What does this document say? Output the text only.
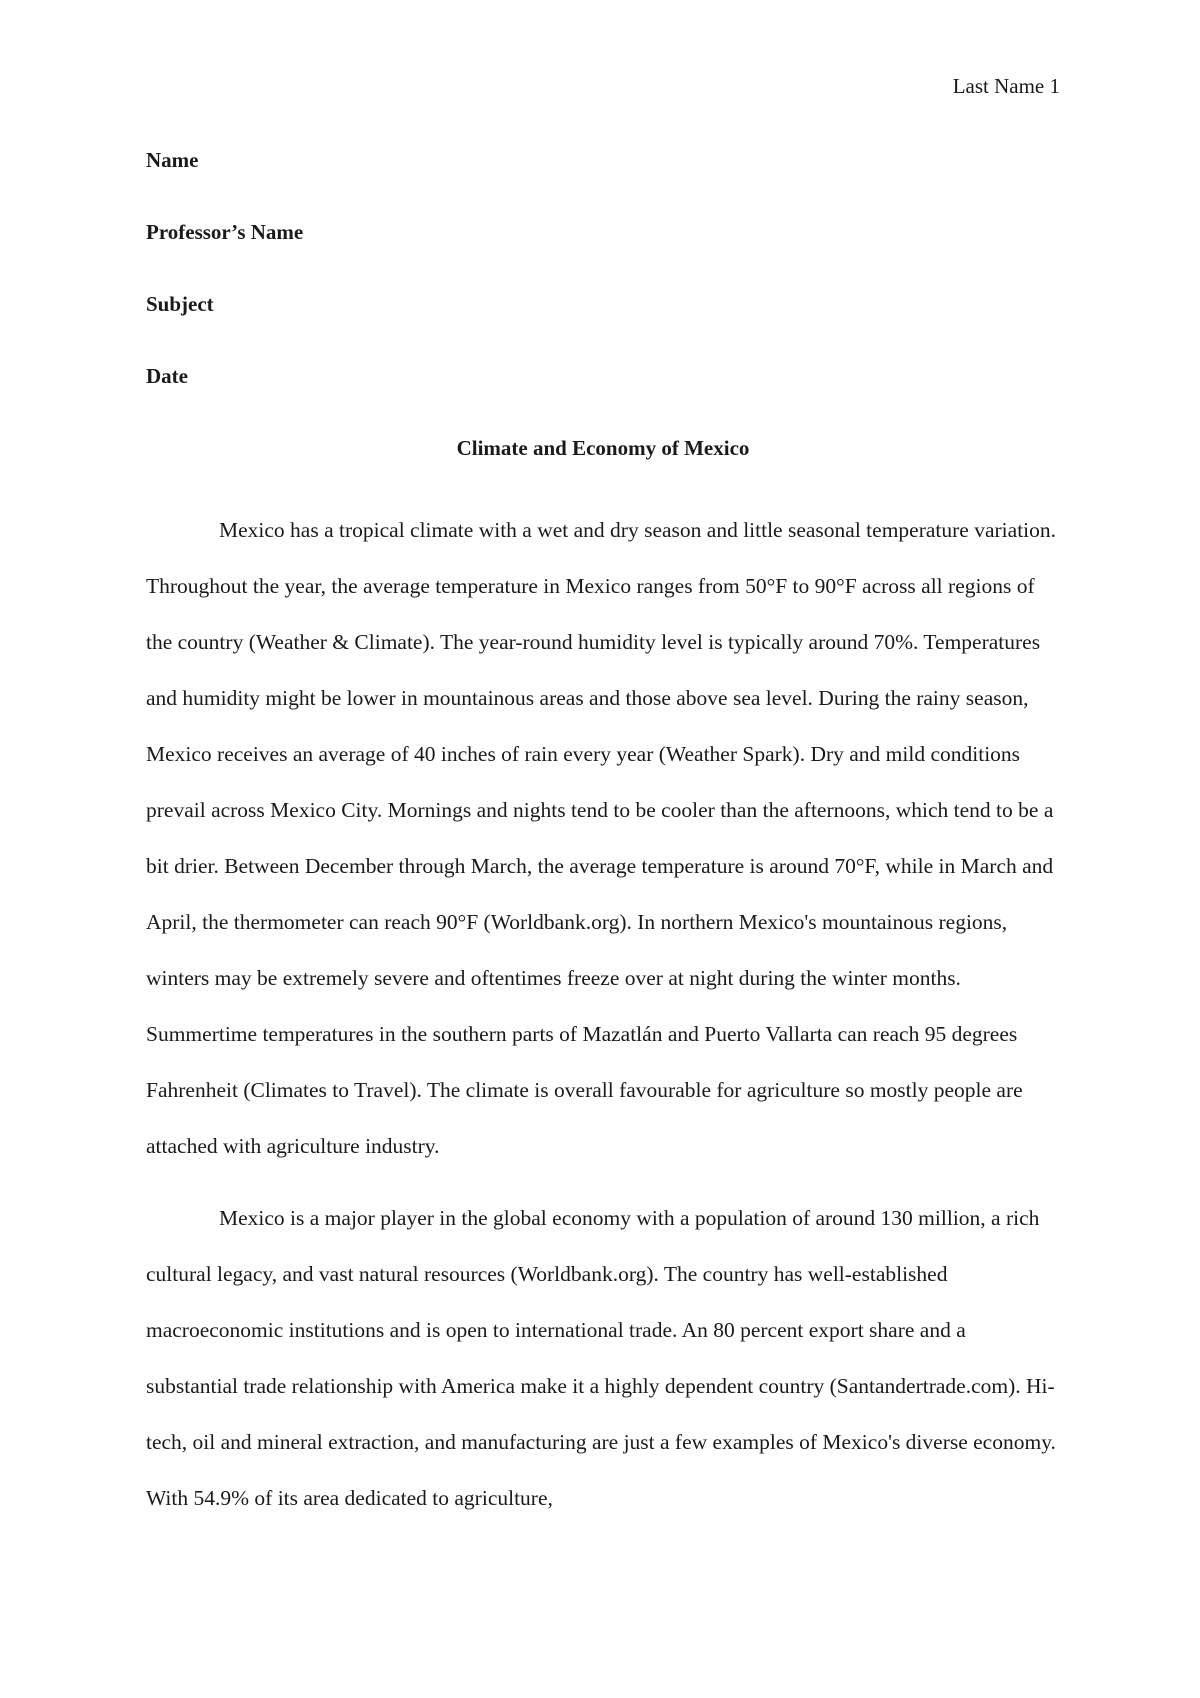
Last Name 1
Name
Professor’s Name
Subject
Date
Climate and Economy of Mexico

Mexico has a tropical climate with a wet and dry season and little seasonal temperature variation. Throughout the year, the average temperature in Mexico ranges from 50°F to 90°F across all regions of the country (Weather & Climate). The year-round humidity level is typically around 70%. Temperatures and humidity might be lower in mountainous areas and those above sea level. During the rainy season, Mexico receives an average of 40 inches of rain every year (Weather Spark). Dry and mild conditions prevail across Mexico City. Mornings and nights tend to be cooler than the afternoons, which tend to be a bit drier. Between December through March, the average temperature is around 70°F, while in March and April, the thermometer can reach 90°F (Worldbank.org). In northern Mexico's mountainous regions, winters may be extremely severe and oftentimes freeze over at night during the winter months. Summertime temperatures in the southern parts of Mazatlán and Puerto Vallarta can reach 95 degrees Fahrenheit (Climates to Travel). The climate is overall favourable for agriculture so mostly people are attached with agriculture industry.

Mexico is a major player in the global economy with a population of around 130 million, a rich cultural legacy, and vast natural resources (Worldbank.org). The country has well-established macroeconomic institutions and is open to international trade. An 80 percent export share and a substantial trade relationship with America make it a highly dependent country (Santandertrade.com). Hi-tech, oil and mineral extraction, and manufacturing are just a few examples of Mexico's diverse economy. With 54.9% of its area dedicated to agriculture,
